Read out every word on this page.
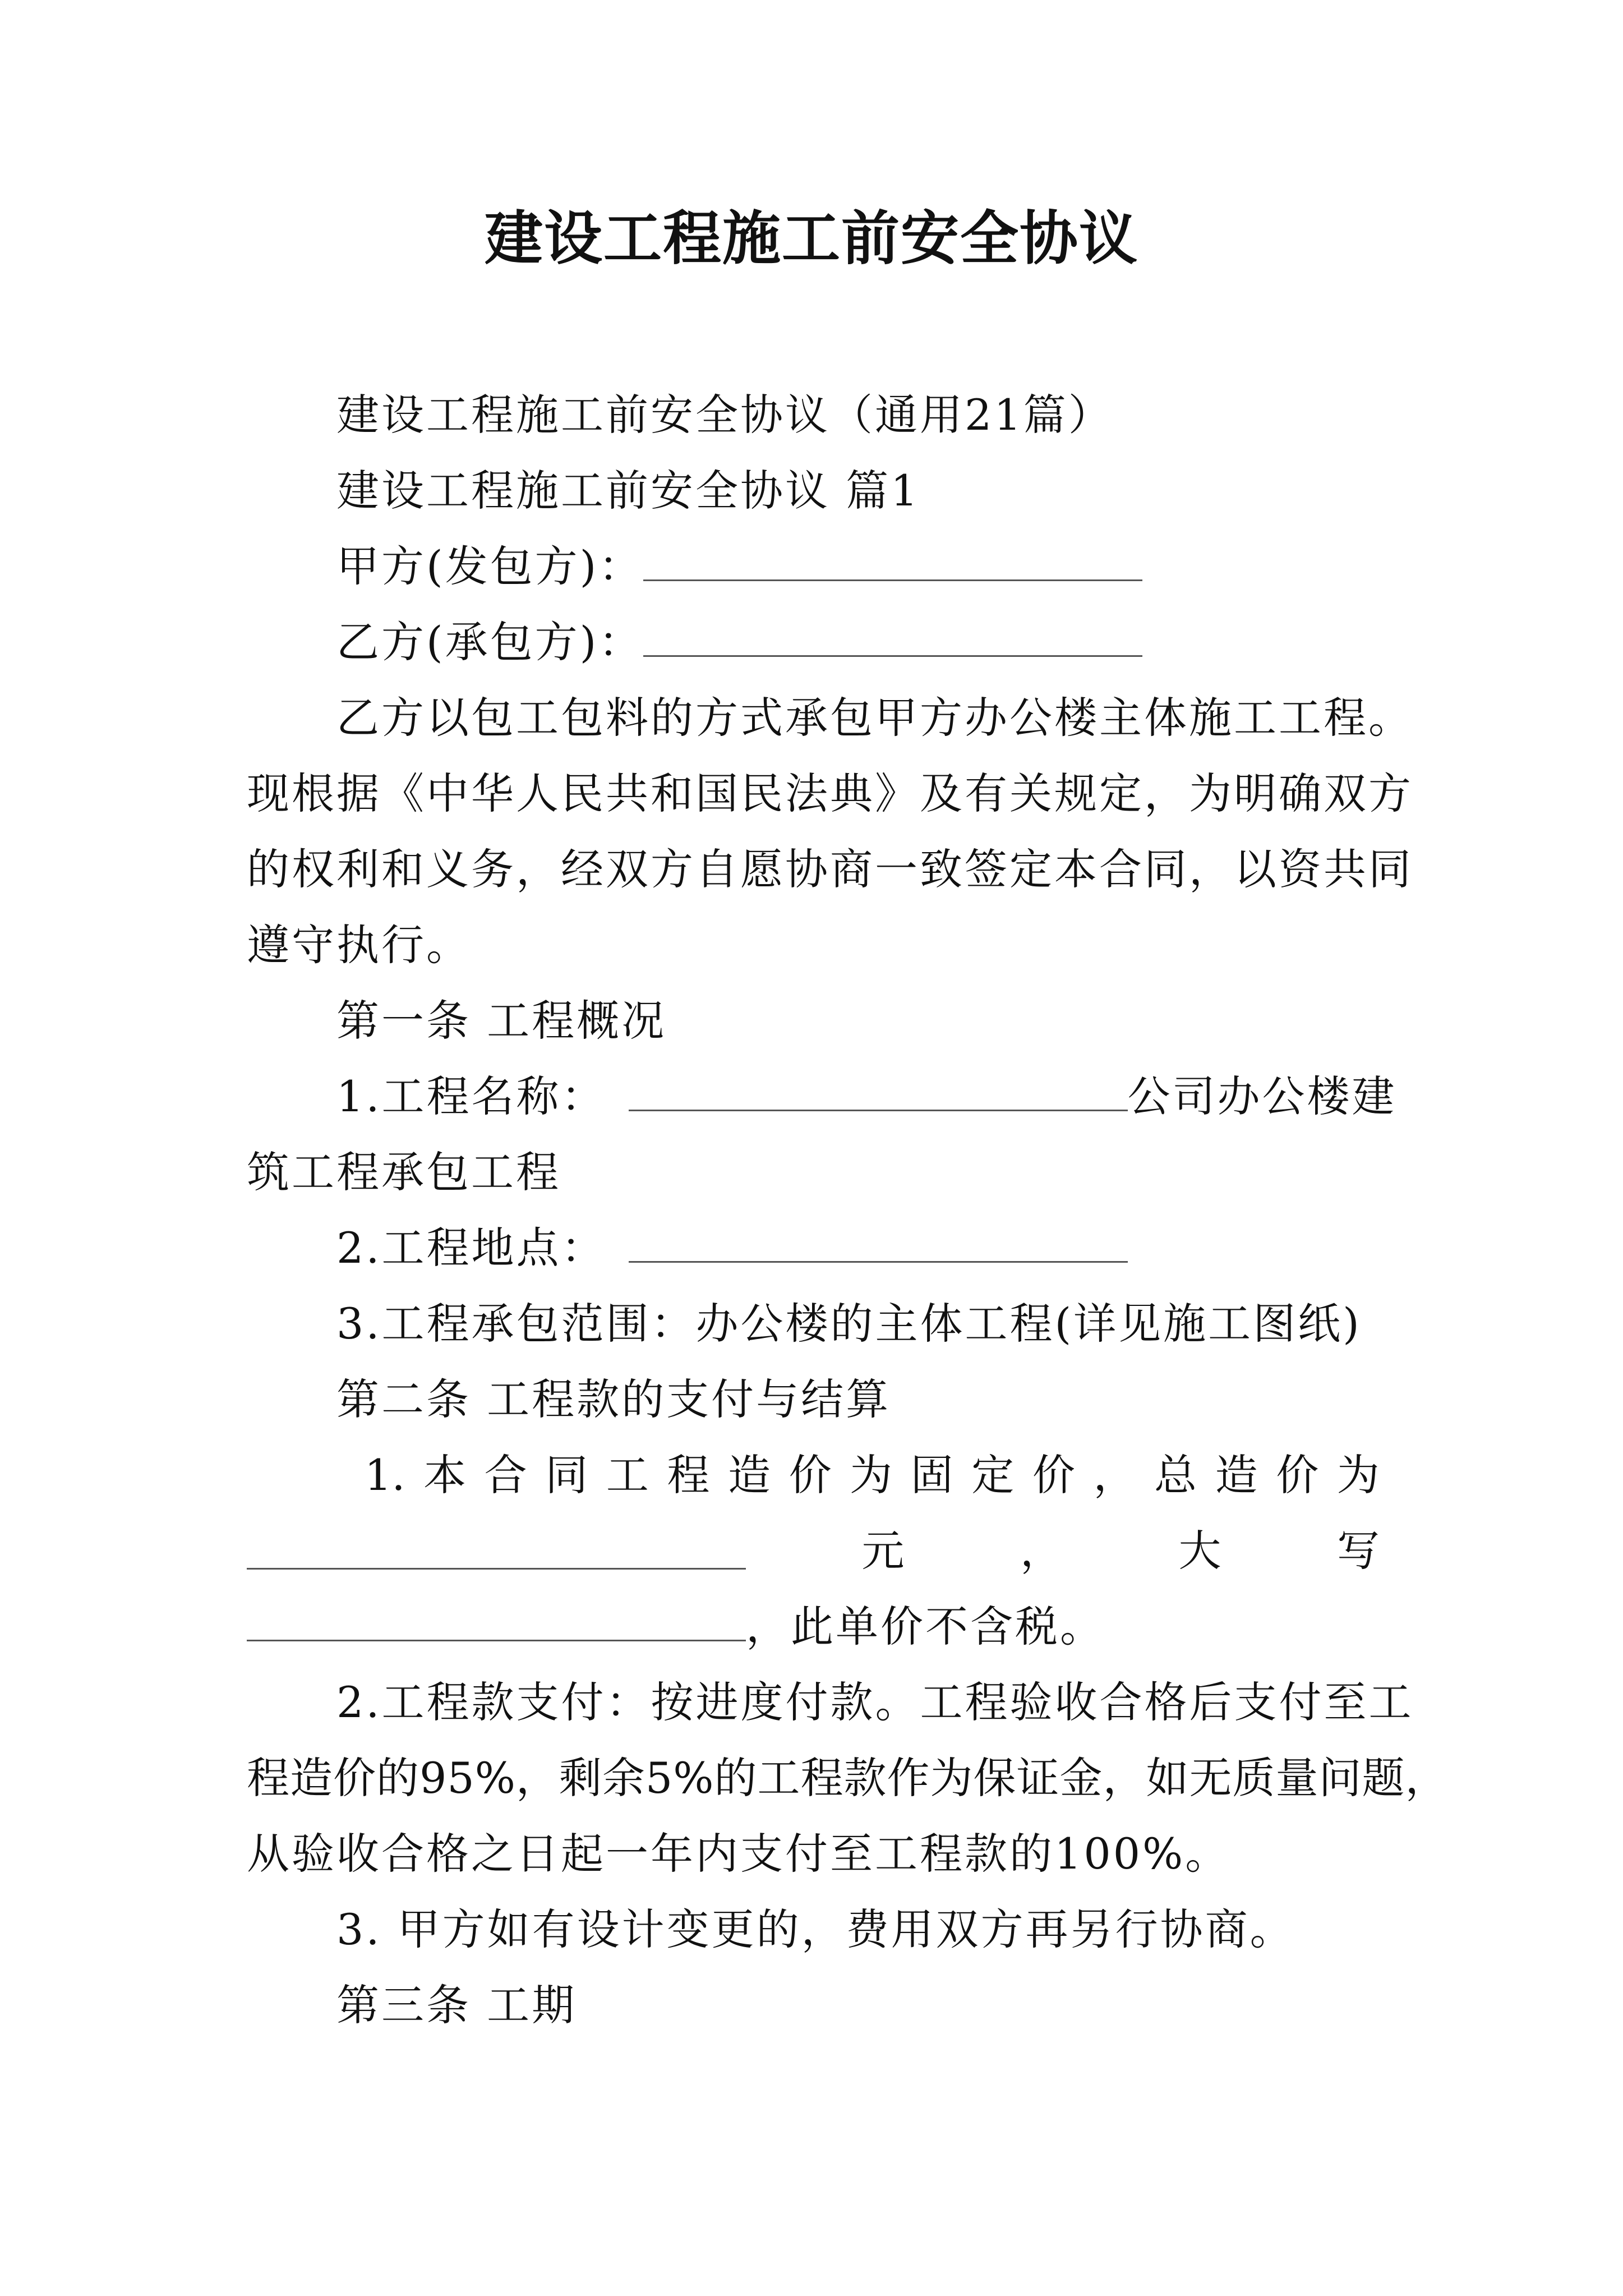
建设工程施工前安全协议
建设工程施工前安全协议（通用21篇）
建设工程施工前安全协议 篇1
甲方(发包方)：
乙方(承包方)：
乙方以包工包料的方式承包甲方办公楼主体施工工程。
现根据《中华人民共和国民法典》及有关规定，为明确双方
的权利和义务，经双方自愿协商一致签定本合同，以资共同
遵守执行。
第一条 工程概况
1.工程名称：	公司办公楼建
筑工程承包工程
2.工程地点：
3.工程承包范围：办公楼的主体工程(详见施工图纸)
第二条 工程款的支付与结算
1. 本 合 同 工 程 造 价 为 固 定 价 ， 总 造 价 为
元	，	大	写
，此单价不含税。
2.工程款支付：按进度付款。工程验收合格后支付至工
程造价的95%，剩余5%的工程款作为保证金，如无质量问题，
从验收合格之日起一年内支付至工程款的100%。
3. 甲方如有设计变更的，费用双方再另行协商。
第三条 工期
